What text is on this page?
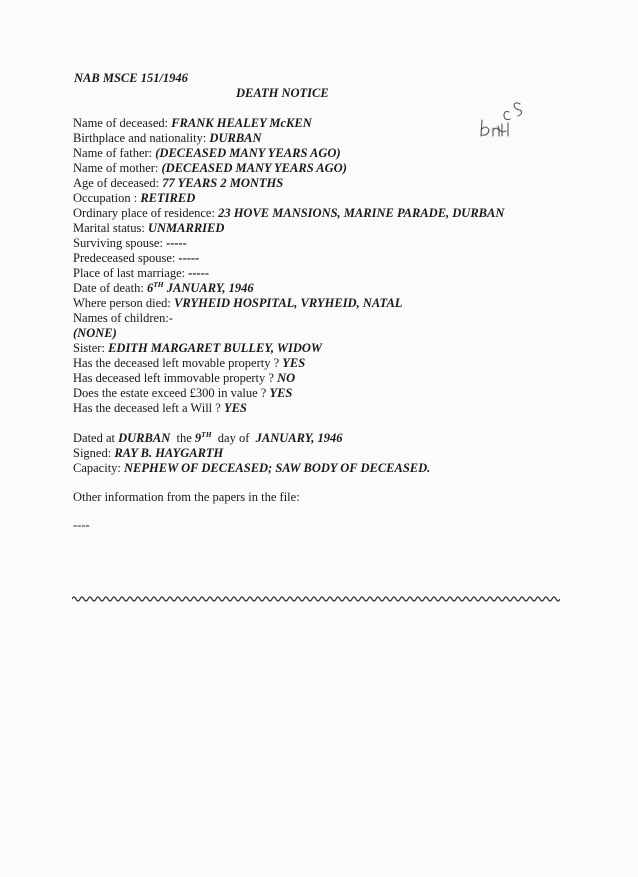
NAB MSCE 151/1946
DEATH NOTICE
Name of deceased: FRANK HEALEY McKEN
Birthplace and nationality: DURBAN
Name of father: (DECEASED MANY YEARS AGO)
Name of mother: (DECEASED MANY YEARS AGO)
Age of deceased: 77 YEARS 2 MONTHS
Occupation : RETIRED
Ordinary place of residence: 23 HOVE MANSIONS, MARINE PARADE, DURBAN
Marital status: UNMARRIED
Surviving spouse: -----
Predeceased spouse: -----
Place of last marriage: -----
Date of death: 6TH JANUARY, 1946
Where person died: VRYHEID HOSPITAL, VRYHEID, NATAL
Names of children:-
(NONE)
Sister: EDITH MARGARET BULLEY, WIDOW
Has the deceased left movable property ? YES
Has deceased left immovable property ? NO
Does the estate exceed £300 in value ? YES
Has the deceased left a Will ? YES
Dated at DURBAN  the 9TH  day of  JANUARY, 1946
Signed: RAY B. HAYGARTH
Capacity: NEPHEW OF DECEASED; SAW BODY OF DECEASED.
Other information from the papers in the file:
----
